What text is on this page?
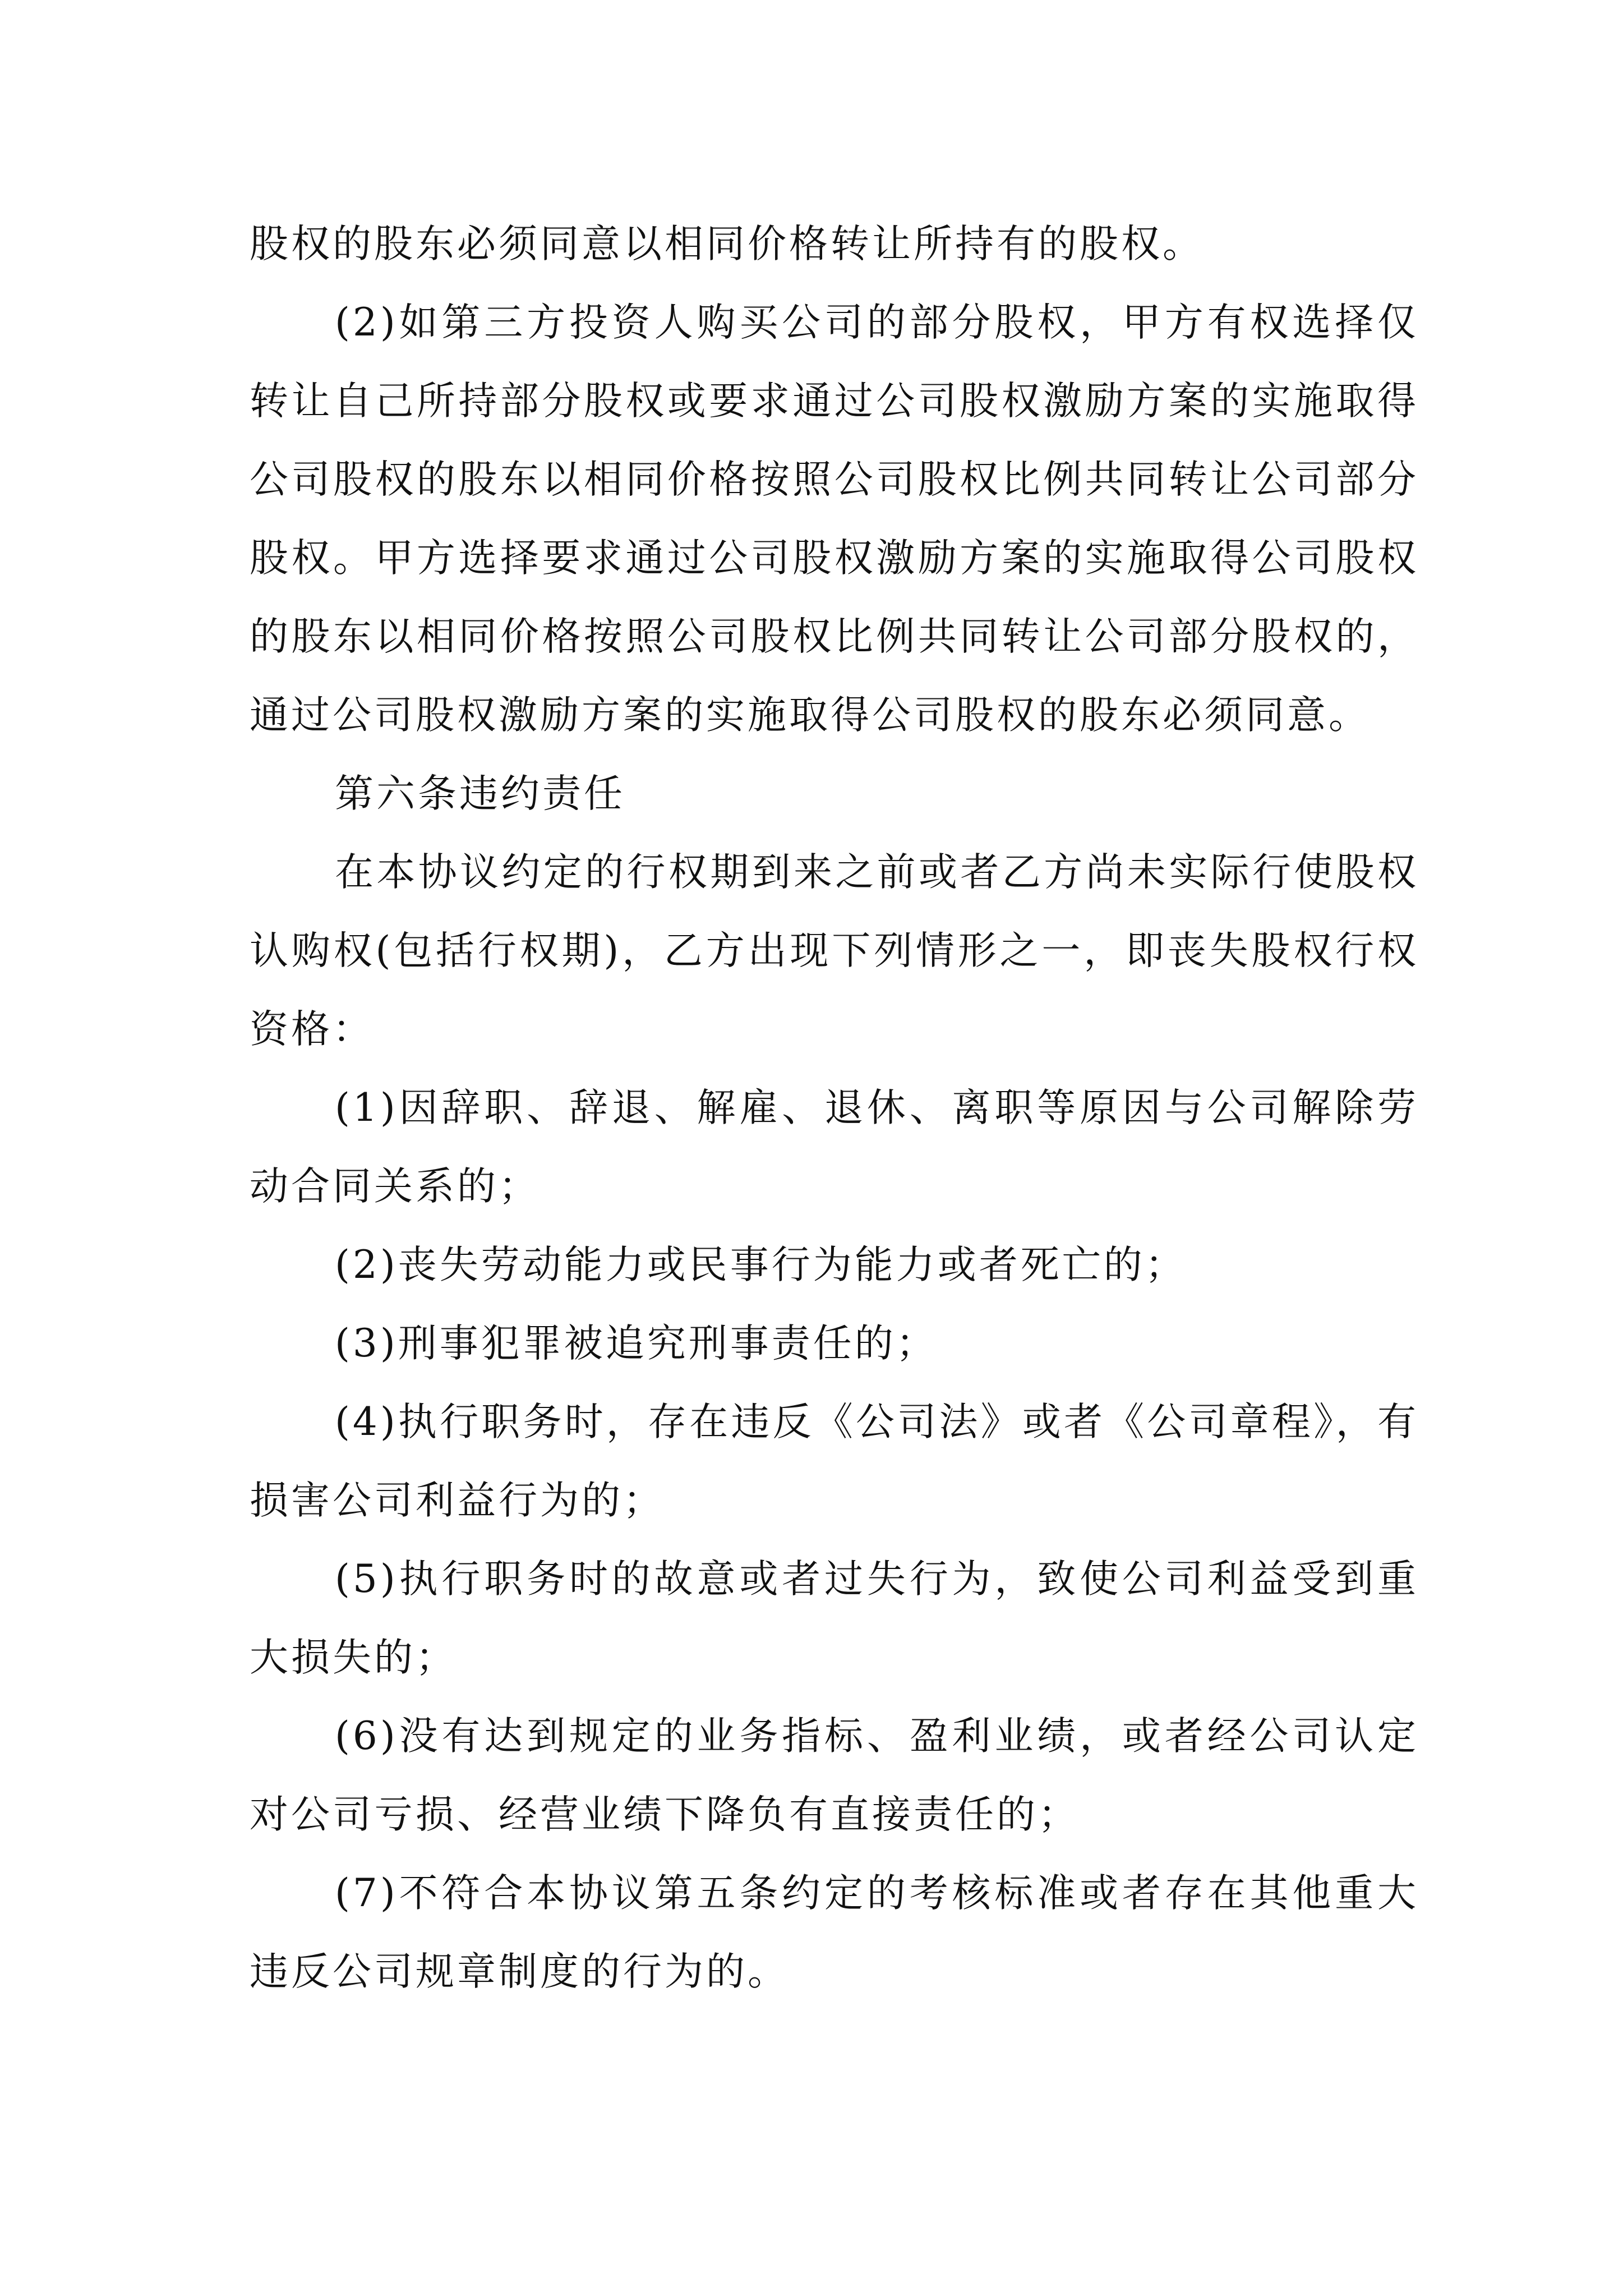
股权的股东必须同意以相同价格转让所持有的股权。

(2)如第三方投资人购买公司的部分股权，甲方有权选择仅转让自己所持部分股权或要求通过公司股权激励方案的实施取得公司股权的股东以相同价格按照公司股权比例共同转让公司部分股权。甲方选择要求通过公司股权激励方案的实施取得公司股权的股东以相同价格按照公司股权比例共同转让公司部分股权的，通过公司股权激励方案的实施取得公司股权的股东必须同意。

第六条违约责任

在本协议约定的行权期到来之前或者乙方尚未实际行使股权认购权(包括行权期)，乙方出现下列情形之一，即丧失股权行权资格：

(1)因辞职、辞退、解雇、退休、离职等原因与公司解除劳动合同关系的；

(2)丧失劳动能力或民事行为能力或者死亡的；

(3)刑事犯罪被追究刑事责任的；

(4)执行职务时，存在违反《公司法》或者《公司章程》，有损害公司利益行为的；

(5)执行职务时的故意或者过失行为，致使公司利益受到重大损失的；

(6)没有达到规定的业务指标、盈利业绩，或者经公司认定对公司亏损、经营业绩下降负有直接责任的；

(7)不符合本协议第五条约定的考核标准或者存在其他重大违反公司规章制度的行为的。
